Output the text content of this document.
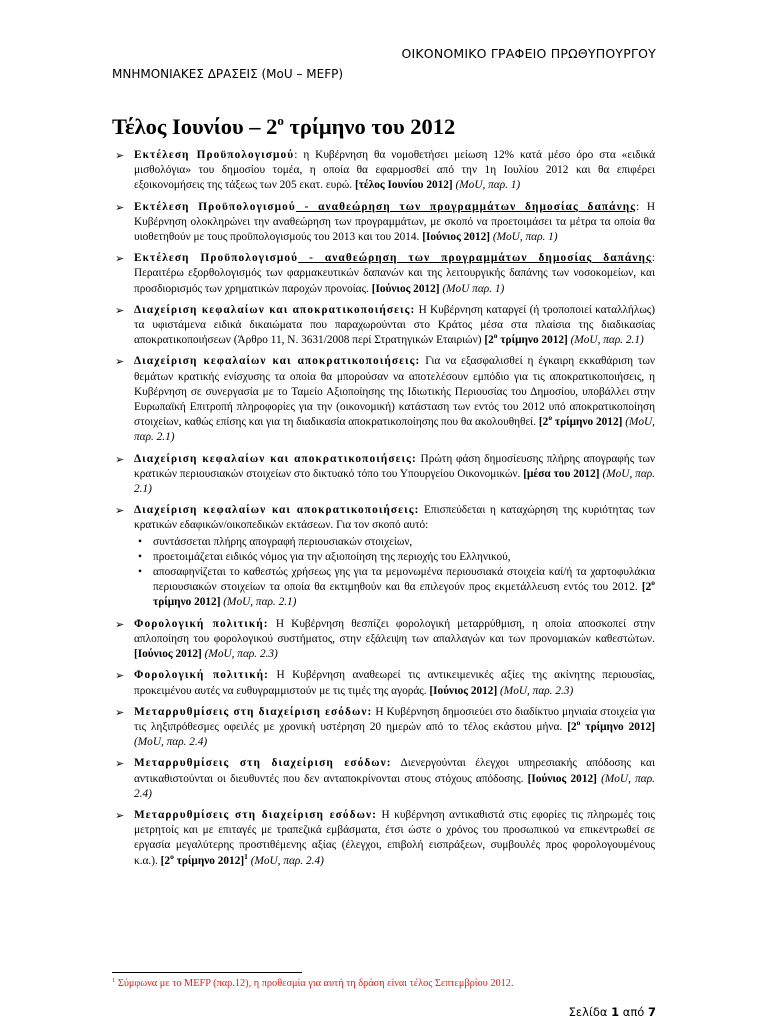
ΟΙΚΟΝΟΜΙΚΟ ΓΡΑΦΕΙΟ ΠΡΩΘΥΠΟΥΡΓΟΥ
ΜΝΗΜΟΝΙΑΚΕΣ ΔΡΑΣΕΙΣ (MoU – MEFP)
Τέλος Ιουνίου – $2^o$ τρίμηνο του 2012
➢ Εκτέλεση Προϋπολογισμού: η Κυβέρνηση θα νομοθετήσει μείωση 12% κατά μέσο όρο στα «ειδικά μισθολόγια» του δημοσίου τομέα, η οποία θα εφαρμοσθεί από την 1η Ιουλίου 2012 και θα επιφέρει εξοικονομήσεις της τάξεως των 205 εκατ. ευρώ. [τέλος Ιουνίου 2012] (MoU, παρ. 1)
➢ Εκτέλεση Προϋπολογισμού - αναθεώρηση των προγραμμάτων δημοσίας δαπάνης: Η Κυβέρνηση ολοκληρώνει την αναθεώρηση των προγραμμάτων, με σκοπό να προετοιμάσει τα μέτρα τα οποία θα υιοθετηθούν με τους προϋπολογισμούς του 2013 και του 2014. [Ιούνιος 2012] (MoU, παρ. 1)
➢ Εκτέλεση Προϋπολογισμού - αναθεώρηση των προγραμμάτων δημοσίας δαπάνης: Περαιτέρω εξορθολογισμός των φαρμακευτικών δαπανών και της λειτουργικής δαπάνης των νοσοκομείων, και προσδιορισμός των χρηματικών παροχών προνοίας. [Ιούνιος 2012] (MoU παρ. 1)
➢ Διαχείριση κεφαλαίων και αποκρατικοποιήσεις: Η Κυβέρνηση καταργεί (ή τροποποιεί καταλλήλως) τα υφιστάμενα ειδικά δικαιώματα που παραχωρούνται στο Κράτος μέσα στα πλαίσια της διαδικασίας αποκρατικοποιήσεων (Άρθρο 11, Ν. 3631/2008 περί Στρατηγικών Εταιριών) [$2^o$ τρίμηνο 2012] (MoU, παρ. 2.1)
➢ Διαχείριση κεφαλαίων και αποκρατικοποιήσεις: Για να εξασφαλισθεί η έγκαιρη εκκαθάριση των θεμάτων κρατικής ενίσχυσης τα οποία θα μπορούσαν να αποτελέσουν εμπόδιο για τις αποκρατικοποιήσεις, η Κυβέρνηση σε συνεργασία με το Ταμείο Αξιοποίησης της Ιδιωτικής Περιουσίας του Δημοσίου, υποβάλλει στην Ευρωπαϊκή Επιτροπή πληροφορίες για την (οικονομική) κατάσταση των εντός του 2012 υπό αποκρατικοποίηση στοιχείων, καθώς επίσης και για τη διαδικασία αποκρατικοποίησης που θα ακολουθηθεί. [$2^o$ τρίμηνο 2012] (MoU, παρ. 2.1)
➢ Διαχείριση κεφαλαίων και αποκρατικοποιήσεις: Πρώτη φάση δημοσίευσης πλήρης απογραφής των κρατικών περιουσιακών στοιχείων στο δικτυακό τόπο του Υπουργείου Οικονομικών. [μέσα του 2012] (MoU, παρ. 2.1)
➢ Διαχείριση κεφαλαίων και αποκρατικοποιήσεις: Επισπεύδεται η καταχώρηση της κυριότητας των κρατικών εδαφικών/οικοπεδικών εκτάσεων. Για τον σκοπό αυτό:
• συντάσσεται πλήρης απογραφή περιουσιακών στοιχείων,
• προετοιμάζεται ειδικός νόμος για την αξιοποίηση της περιοχής του Ελληνικού,
• αποσαφηνίζεται το καθεστώς χρήσεως γης για τα μεμονωμένα περιουσιακά στοιχεία καί/ή τα χαρτοφυλάκια περιουσιακών στοιχείων τα οποία θα εκτιμηθούν και θα επιλεγούν προς εκμετάλλευση εντός του 2012. [$2^o$ τρίμηνο 2012] (MoU, παρ. 2.1)
➢ Φορολογική πολιτική: Η Κυβέρνηση θεσπίζει φορολογική μεταρρύθμιση, η οποία αποσκοπεί στην απλοποίηση του φορολογικού συστήματος, στην εξάλειψη των απαλλαγών και των προνομιακών καθεστώτων. [Ιούνιος 2012] (MoU, παρ. 2.3)
➢ Φορολογική πολιτική: Η Κυβέρνηση αναθεωρεί τις αντικειμενικές αξίες της ακίνητης περιουσίας, προκειμένου αυτές να ευθυγραμμιστούν με τις τιμές της αγοράς. [Ιούνιος 2012] (MoU, παρ. 2.3)
➢ Μεταρρυθμίσεις στη διαχείριση εσόδων: Η Κυβέρνηση δημοσιεύει στο διαδίκτυο μηνιαία στοιχεία για τις ληξιπρόθεσμες οφειλές με χρονική υστέρηση 20 ημερών από το τέλος εκάστου μήνα. [$2^o$ τρίμηνο 2012] (MoU, παρ. 2.4)
➢ Μεταρρυθμίσεις στη διαχείριση εσόδων: Διενεργούνται έλεγχοι υπηρεσιακής απόδοσης και αντικαθιστούνται οι διευθυντές που δεν ανταποκρίνονται στους στόχους απόδοσης. [Ιούνιος 2012] (MoU, παρ. 2.4)
➢ Μεταρρυθμίσεις στη διαχείριση εσόδων: Η κυβέρνηση αντικαθιστά στις εφορίες τις πληρωμές τοις μετρητοίς και με επιταγές με τραπεζικά εμβάσματα, έτσι ώστε ο χρόνος του προσωπικού να επικεντρωθεί σε εργασία μεγαλύτερης προστιθέμενης αξίας (έλεγχοι, επιβολή εισπράξεων, συμβουλές προς φορολογουμένους κ.α.). [$2^o$ τρίμηνο 2012]$^1$ (MoU, παρ. 2.4)
$^1$ Σύμφωνα με το MEFP (παρ.12), η προθεσμία για αυτή τη δράση είναι τέλος Σεπτεμβρίου 2012.
Σελίδα 1 από 7
